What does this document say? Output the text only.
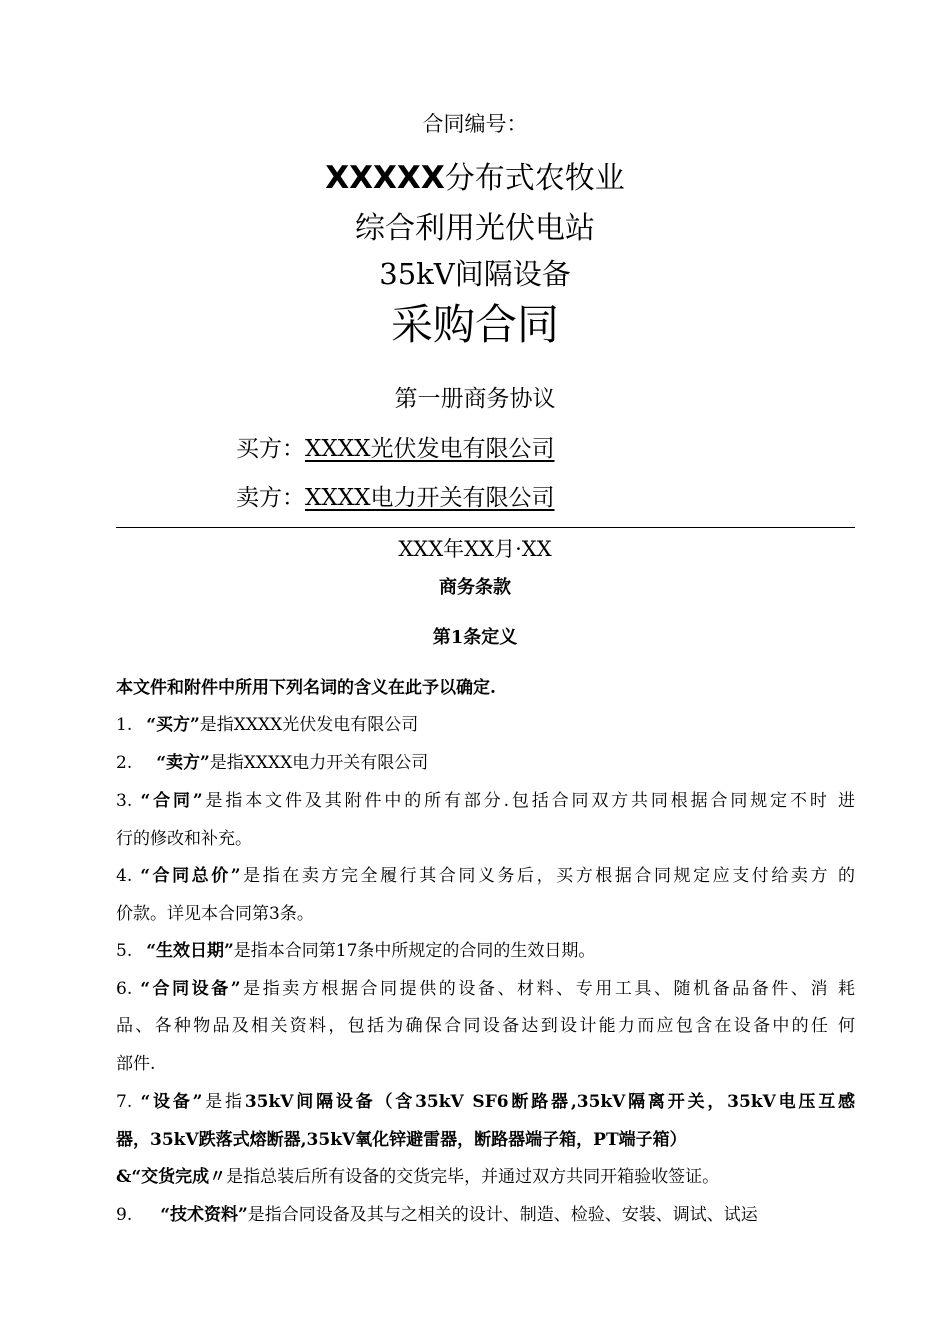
合同编号：
XXXXX分布式农牧业
综合利用光伏电站
35kV间隔设备
采购合同
第一册商务协议
买方：XXXX光伏发电有限公司
卖方：XXXX电力开关有限公司
XXX年XX月·XX
商务条款
第1条定义
本文件和附件中所用下列名词的含义在此予以确定.
1. “买方”是指XXXX光伏发电有限公司
2. “卖方”是指XXXX电力开关有限公司
3. “合同”是指本文件及其附件中的所有部分.包括合同双方共同根据合同规定不时 进
行的修改和补充。
4. “合同总价”是指在卖方完全履行其合同义务后，买方根据合同规定应支付给卖方 的
价款。详见本合同第3条。
5. “生效日期”是指本合同第17条中所规定的合同的生效日期。
6. “合同设备”是指卖方根据合同提供的设备、材料、专用工具、随机备品备件、消 耗
品、各种物品及相关资料，包括为确保合同设备达到设计能力而应包含在设备中的任 何
部件.
7. “设备”是指35kV间隔设备（含35kV SF6断路器,35kV隔离开关，35kV电压互感
器，35kV跌落式熔断器,35kV氧化锌避雷器，断路器端子箱，PT端子箱）
&“交货完成〃是指总装后所有设备的交货完毕，并通过双方共同开箱验收签证。
9. “技术资料”是指合同设备及其与之相关的设计、制造、检验、安装、调试、试运
